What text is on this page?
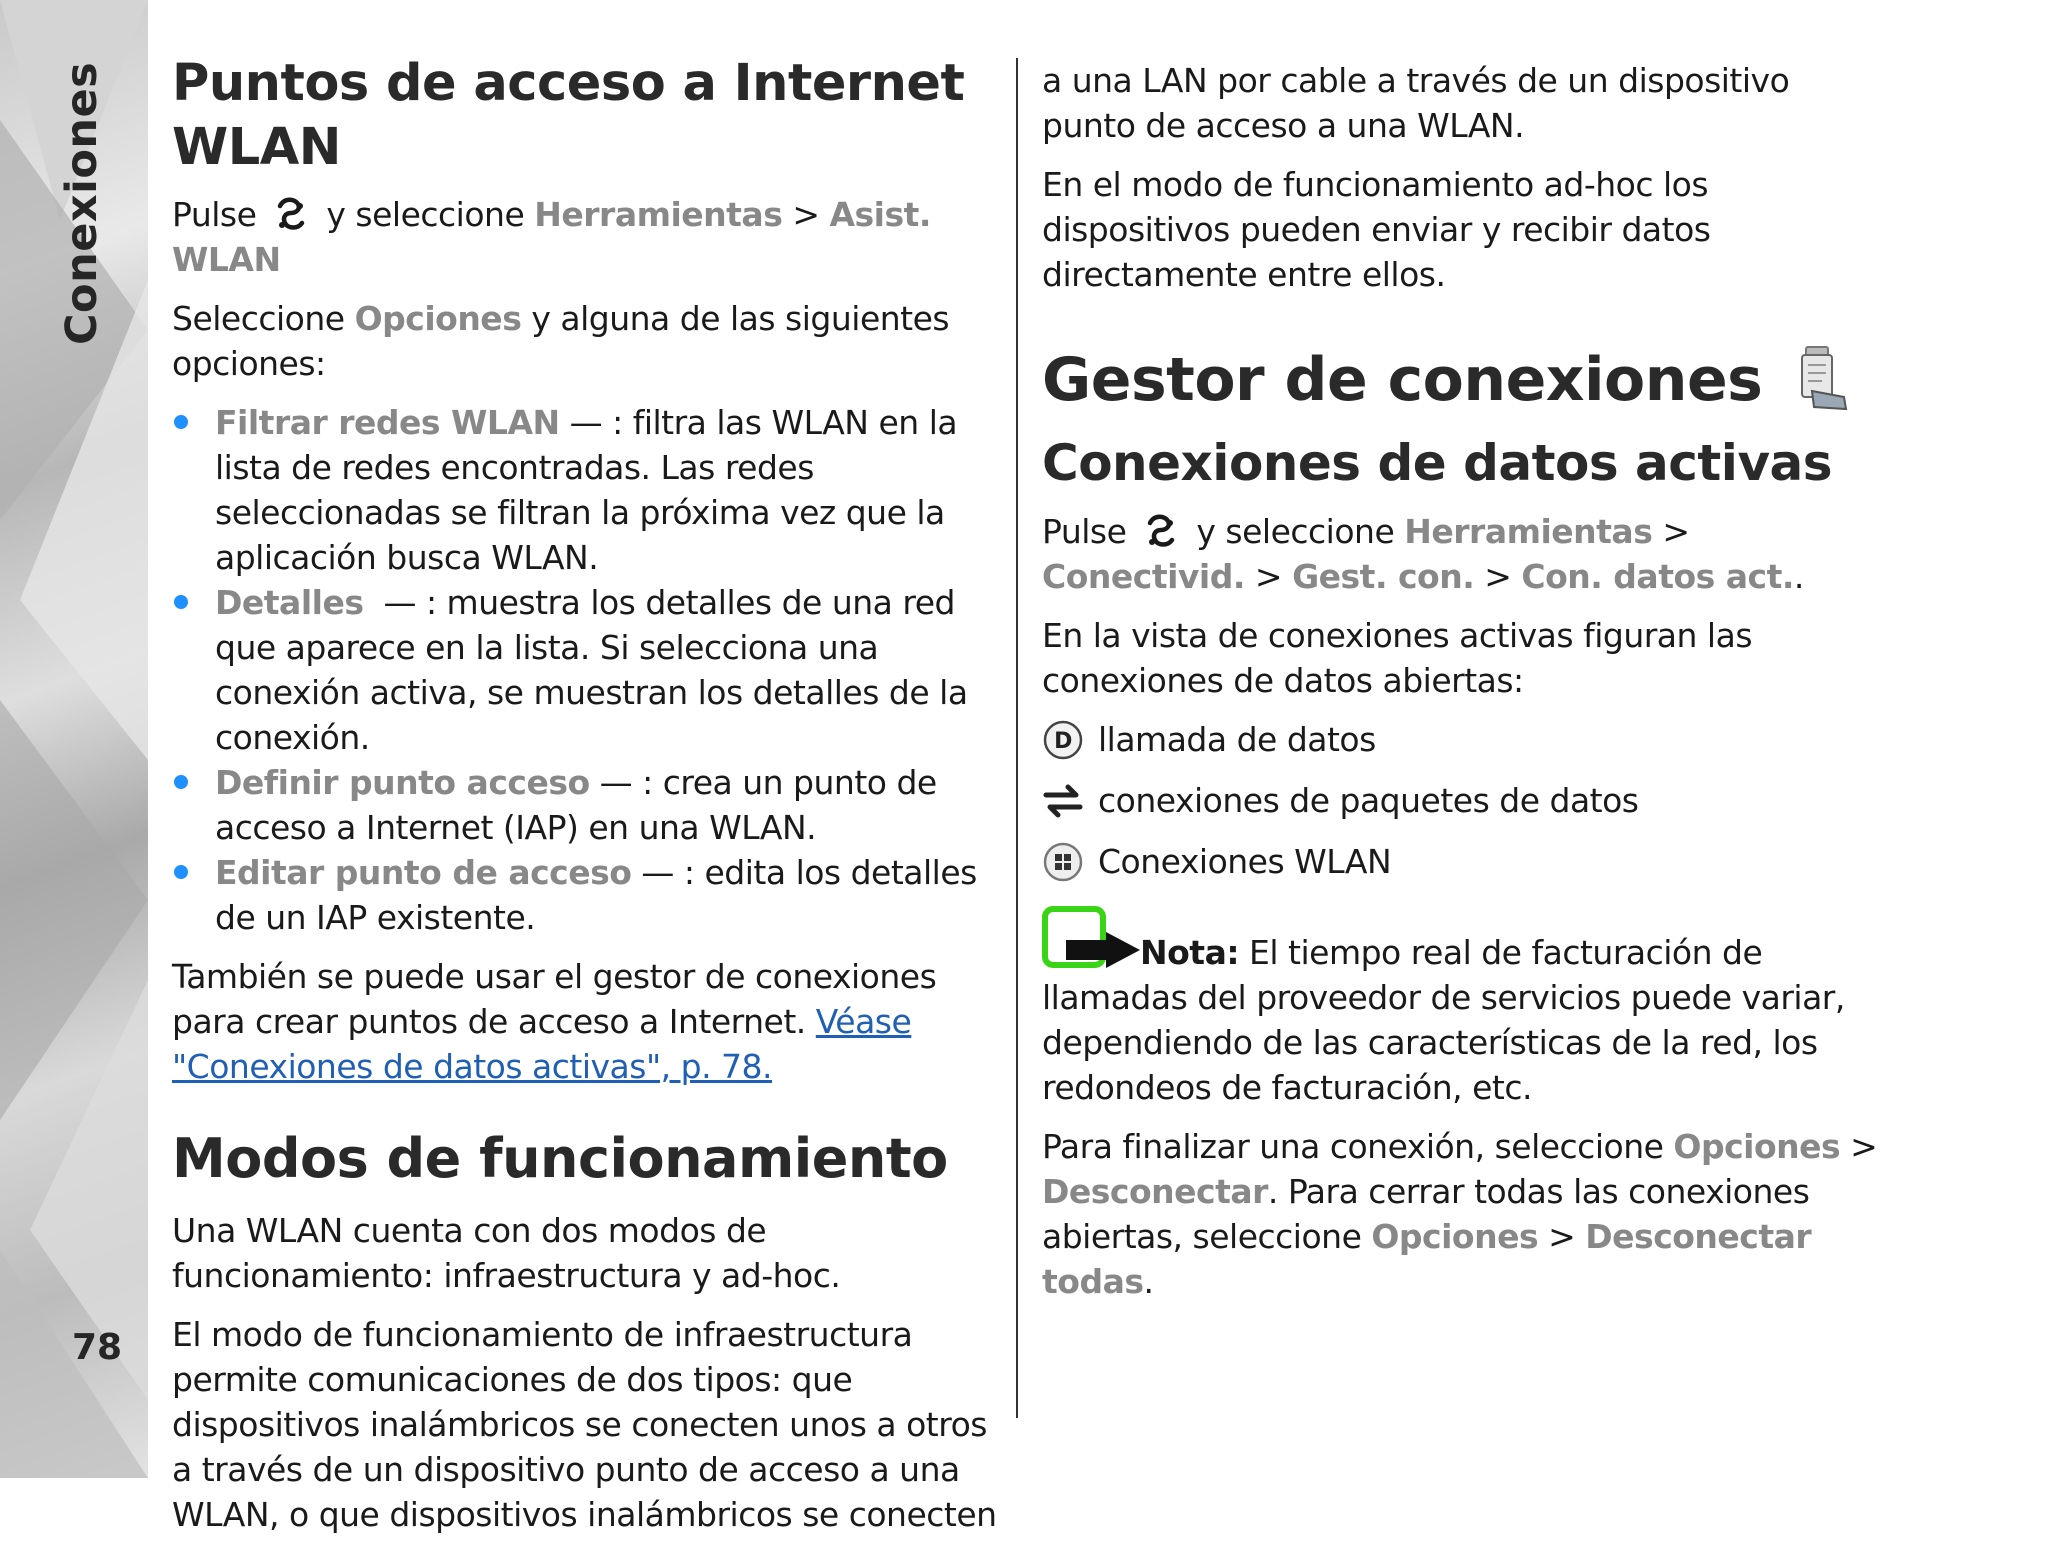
Conexiones
78
Puntos de acceso a Internet WLAN

Pulse y seleccione Herramientas > Asist. WLAN

Seleccione Opciones y alguna de las siguientes opciones:

Filtrar redes WLAN — : filtra las WLAN en la lista de redes encontradas. Las redes seleccionadas se filtran la próxima vez que la aplicación busca WLAN.
Detalles  — : muestra los detalles de una red que aparece en la lista. Si selecciona una conexión activa, se muestran los detalles de la conexión.
Definir punto acceso — : crea un punto de acceso a Internet (IAP) en una WLAN.
Editar punto de acceso — : edita los detalles de un IAP existente.

También se puede usar el gestor de conexiones para crear puntos de acceso a Internet. Véase "Conexiones de datos activas", p. 78.

Modos de funcionamiento

Una WLAN cuenta con dos modos de funcionamiento: infraestructura y ad-hoc.

El modo de funcionamiento de infraestructura permite comunicaciones de dos tipos: que dispositivos inalámbricos se conecten unos a otros a través de un dispositivo punto de acceso a una WLAN, o que dispositivos inalámbricos se conecten

a una LAN por cable a través de un dispositivo punto de acceso a una WLAN.

En el modo de funcionamiento ad-hoc los dispositivos pueden enviar y recibir datos directamente entre ellos.

Gestor de conexiones
Conexiones de datos activas

Pulse y seleccione Herramientas > Conectivid. > Gest. con. > Con. datos act..

En la vista de conexiones activas figuran las conexiones de datos abiertas:

D llamada de datos
conexiones de paquetes de datos
Conexiones WLAN

Nota: El tiempo real de facturación de llamadas del proveedor de servicios puede variar, dependiendo de las características de la red, los redondeos de facturación, etc.

Para finalizar una conexión, seleccione Opciones > Desconectar. Para cerrar todas las conexiones abiertas, seleccione Opciones > Desconectar todas.
